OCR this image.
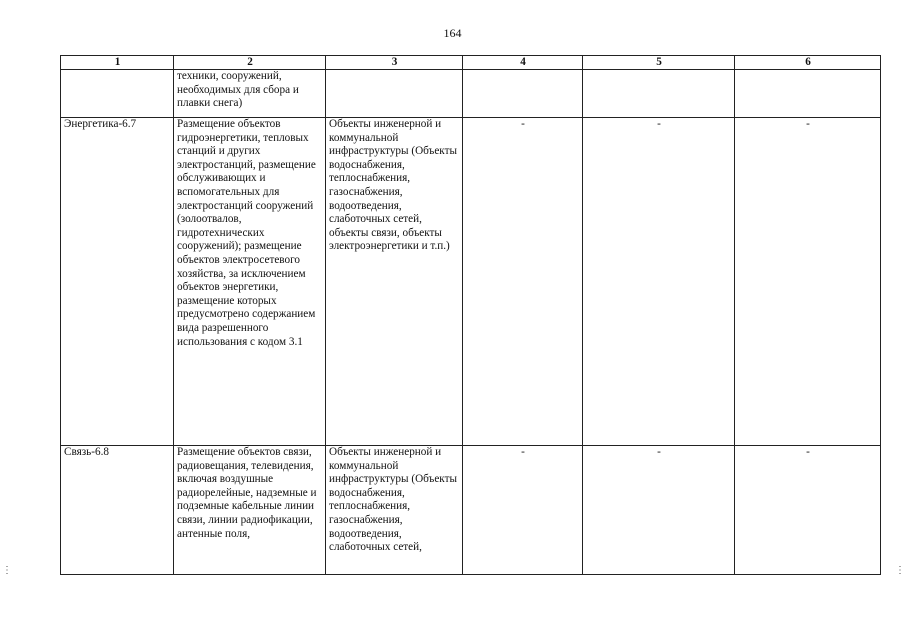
164
1	2	3	4	5	6
	техники, сооружений, необходимых для сбора и плавки снега)				
Энергетика-6.7	Размещение объектов гидроэнергетики, тепловых станций и других электростанций, размещение обслуживающих и вспомогательных для электростанций сооружений (золоотвалов, гидротехнических сооружений); размещение объектов электросетевого хозяйства, за исключением объектов энергетики, размещение которых предусмотрено содержанием вида разрешенного использования с кодом 3.1	Объекты инженерной и коммунальной инфраструктуры (Объекты водоснабжения, теплоснабжения, газоснабжения, водоотведения, слаботочных сетей, объекты связи, объекты электроэнергетики и т.п.)	-	-	-
Связь-6.8	Размещение объектов связи, радиовещания, телевидения, включая воздушные радиорелейные, надземные и подземные кабельные линии связи, линии радиофикации, антенные поля,	Объекты инженерной и коммунальной инфраструктуры (Объекты водоснабжения, теплоснабжения, газоснабжения, водоотведения, слаботочных сетей,	-	-	-
⋮	⋮
